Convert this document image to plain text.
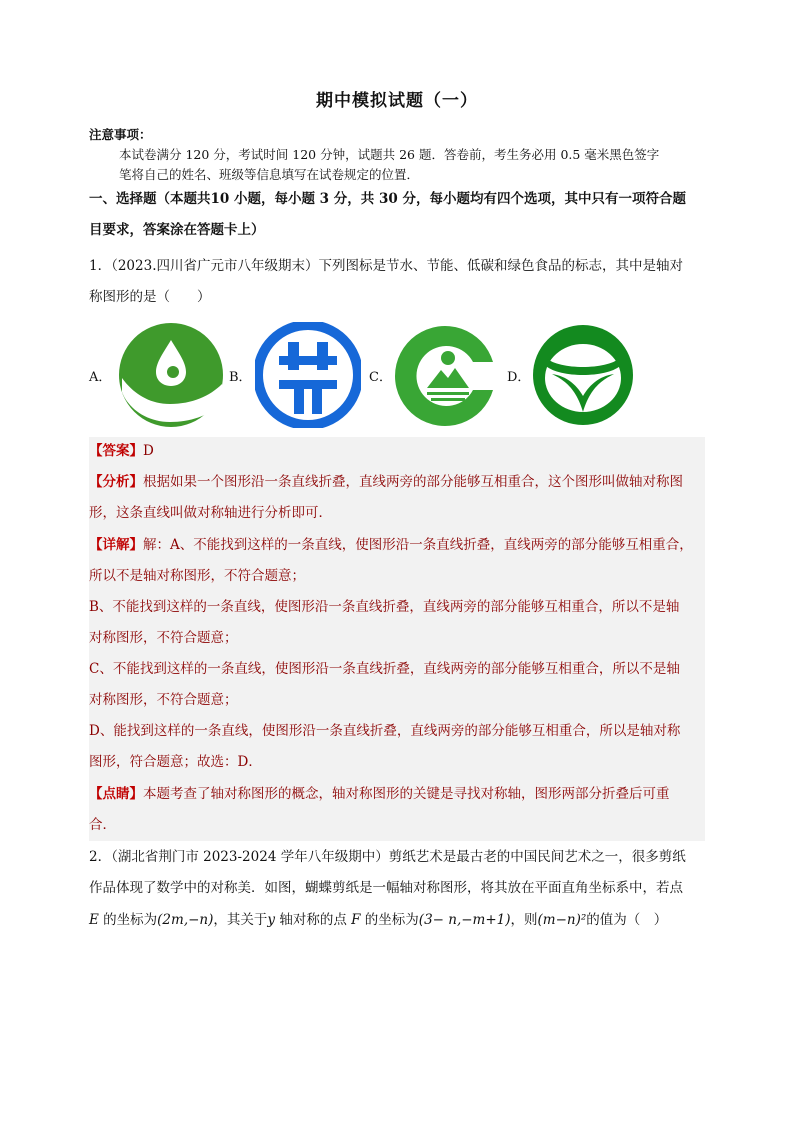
期中模拟试题（一）
注意事项：
本试卷满分 120 分，考试时间 120 分钟，试题共 26 题．答卷前，考生务必用 0.5 毫米黑色签字
笔将自己的姓名、班级等信息填写在试卷规定的位置．
一、选择题（本题共10 小题，每小题 3 分，共 30 分，每小题均有四个选项，其中只有一项符合题
目要求，答案涂在答题卡上）
1．（2023.四川省广元市八年级期末）下列图标是节水、节能、低碳和绿色食品的标志，其中是轴对
称图形的是（　　）
A．	B．	C．	D．
【答案】D
【分析】根据如果一个图形沿一条直线折叠，直线两旁的部分能够互相重合，这个图形叫做轴对称图
形，这条直线叫做对称轴进行分析即可．
【详解】解：A、不能找到这样的一条直线，使图形沿一条直线折叠，直线两旁的部分能够互相重合，
所以不是轴对称图形，不符合题意；
B、不能找到这样的一条直线，使图形沿一条直线折叠，直线两旁的部分能够互相重合，所以不是轴
对称图形，不符合题意；
C、不能找到这样的一条直线，使图形沿一条直线折叠，直线两旁的部分能够互相重合，所以不是轴
对称图形，不符合题意；
D、能找到这样的一条直线，使图形沿一条直线折叠，直线两旁的部分能够互相重合，所以是轴对称
图形，符合题意；故选：D．
【点睛】本题考查了轴对称图形的概念，轴对称图形的关键是寻找对称轴，图形两部分折叠后可重
合．
2．（湖北省荆门市 2023-2024 学年八年级期中）剪纸艺术是最古老的中国民间艺术之一，很多剪纸
作品体现了数学中的对称美．如图，蝴蝶剪纸是一幅轴对称图形，将其放在平面直角坐标系中，若点
E 的坐标为(2m,−n)，其关于y 轴对称的点 F 的坐标为(3− n,−m+1)，则(m−n)²的值为（　）
